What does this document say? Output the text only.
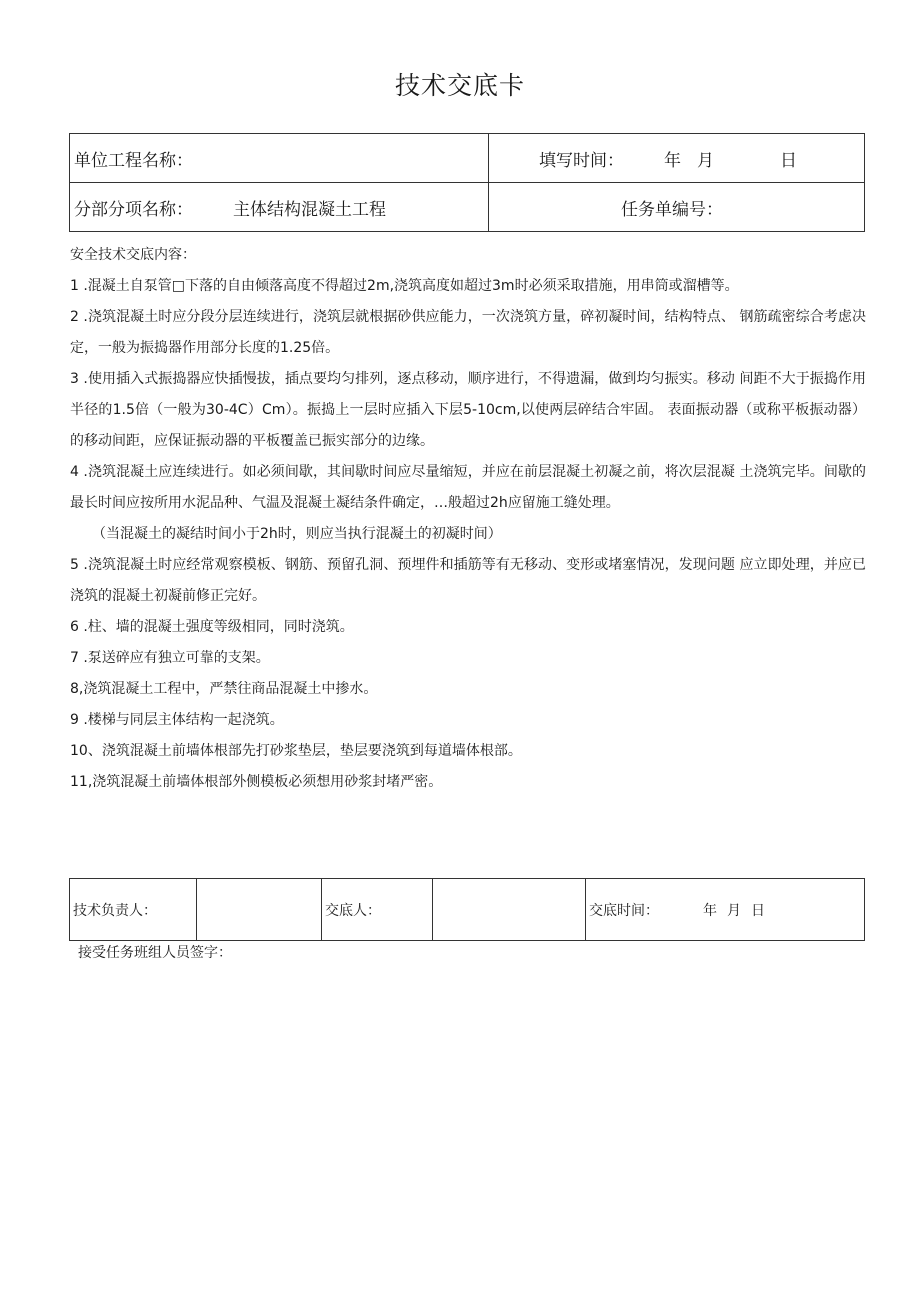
技术交底卡
单位工程名称：	填写时间： 年 月 日
分部分项名称： 主体结构混凝土工程	任务单编号：

安全技术交底内容：

1 .混凝土自泵管□下落的自由倾落高度不得超过2m,浇筑高度如超过3m时必须采取措施，用串筒或溜槽等。

2 .浇筑混凝土时应分段分层连续进行，浇筑层就根据砂供应能力，一次浇筑方量，碎初凝时间，结构特点、 钢筋疏密综合考虑决定，一般为振捣器作用部分长度的1.25倍。

3 .使用插入式振捣器应快插慢拔，插点要均匀排列，逐点移动，顺序进行，不得遗漏，做到均匀振实。移动 间距不大于振捣作用半径的1.5倍（一般为30-4C）Cm）。振捣上一层时应插入下层5-10cm,以使两层碎结合牢固。 表面振动器（或称平板振动器）的移动间距，应保证振动器的平板覆盖已振实部分的边缘。

4 .浇筑混凝土应连续进行。如必须间歇，其间歇时间应尽量缩短，并应在前层混凝土初凝之前，将次层混凝 土浇筑完毕。间歇的最长时间应按所用水泥品种、气温及混凝土凝结条件确定，…般超过2h应留施工缝处理。

（当混凝土的凝结时间小于2h时，则应当执行混凝土的初凝时间）

5 .浇筑混凝土时应经常观察模板、钢筋、预留孔洞、预埋件和插筋等有无移动、变形或堵塞情况，发现问题 应立即处理，并应已浇筑的混凝土初凝前修正完好。

6 .柱、墙的混凝土强度等级相同，同时浇筑。

7 .泵送碎应有独立可靠的支架。

8,浇筑混凝土工程中，严禁往商品混凝土中掺水。

9 .楼梯与同层主体结构一起浇筑。

10、浇筑混凝土前墙体根部先打砂浆垫层，垫层要浇筑到每道墙体根部。

11,浇筑混凝土前墙体根部外侧模板必须想用砂浆封堵严密。

技术负责人：		交底人：		交底时间：	年 月 日
接受任务班组人员签字：
